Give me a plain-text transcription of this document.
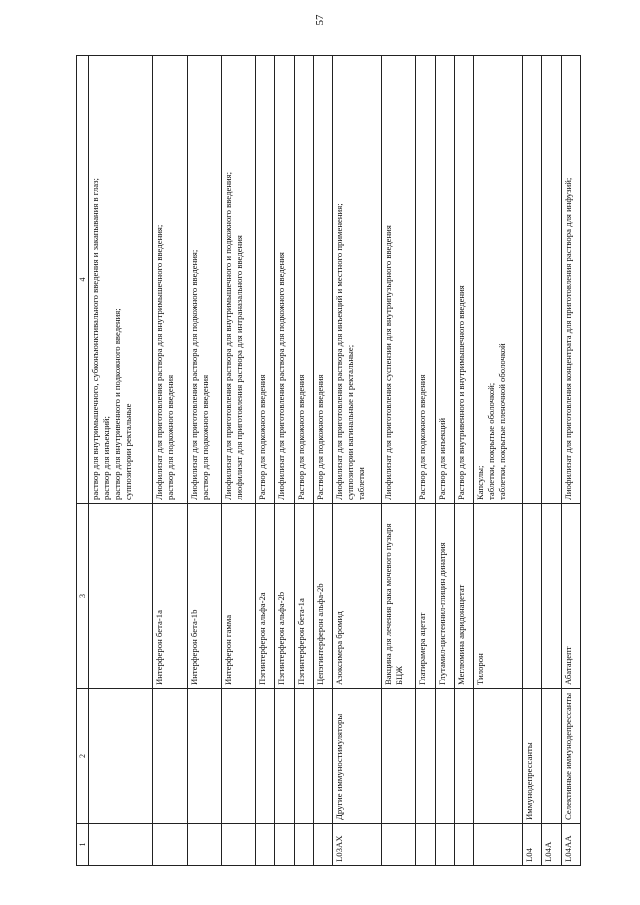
57
1	2	3	4

			раствор для внутримышечного, субконъюнктивального введения и закапывания в глаз; раствор для инъекций; раствор для внутривенного и подкожного введения; суппозитории ректальные

		Интерферон бета-1а	Лиофилизат для приготовления раствора для внутримышечного введения; раствор для подкожного введения

		Интерферон бета-1b	Лиофилизат для приготовления раствора для подкожного введения; раствор для подкожного введения

		Интерферон гамма	Лиофилизат для приготовления раствора для внутримышечного и подкожного введения; лиофилизат для приготовления раствора для интраназального введения

		Пэгинтерферон альфа-2а	Раствор для подкожного введения

		Пэгинтерферон альфа-2b	Лиофилизат для приготовления раствора для подкожного введения

		Пэгинтерферон бета-1а	Раствор для подкожного введения

		Цепэгинтерферон альфа-2b	Раствор для подкожного введения

L03AX	Другие иммуностимуляторы	Азоксимера бромид	Лиофилизат для приготовления раствора для инъекций и местного применения; суппозитории вагинальные и ректальные; таблетки

		Вакцина для лечения рака мочевого пузыря БЦЖ	Лиофилизат для приготовления суспензии для внутрипузырного введения

		Глатирамера ацетат	Раствор для подкожного введения

		Глутамил-цистеинил-глицин динатрия	Раствор для инъекций

		Меглюмина акридонацетат	Раствор для внутривенного и внутримышечного введения

		Тилорон	Капсулы; таблетки, покрытые оболочкой; таблетки, покрытые пленочной оболочкой

L04	Иммунодепрессанты		
L04A			
L04AA	Селективные иммунодепрессанты	Абатацепт	Лиофилизат для приготовления концентрата для приготовления раствора для инфузий;
